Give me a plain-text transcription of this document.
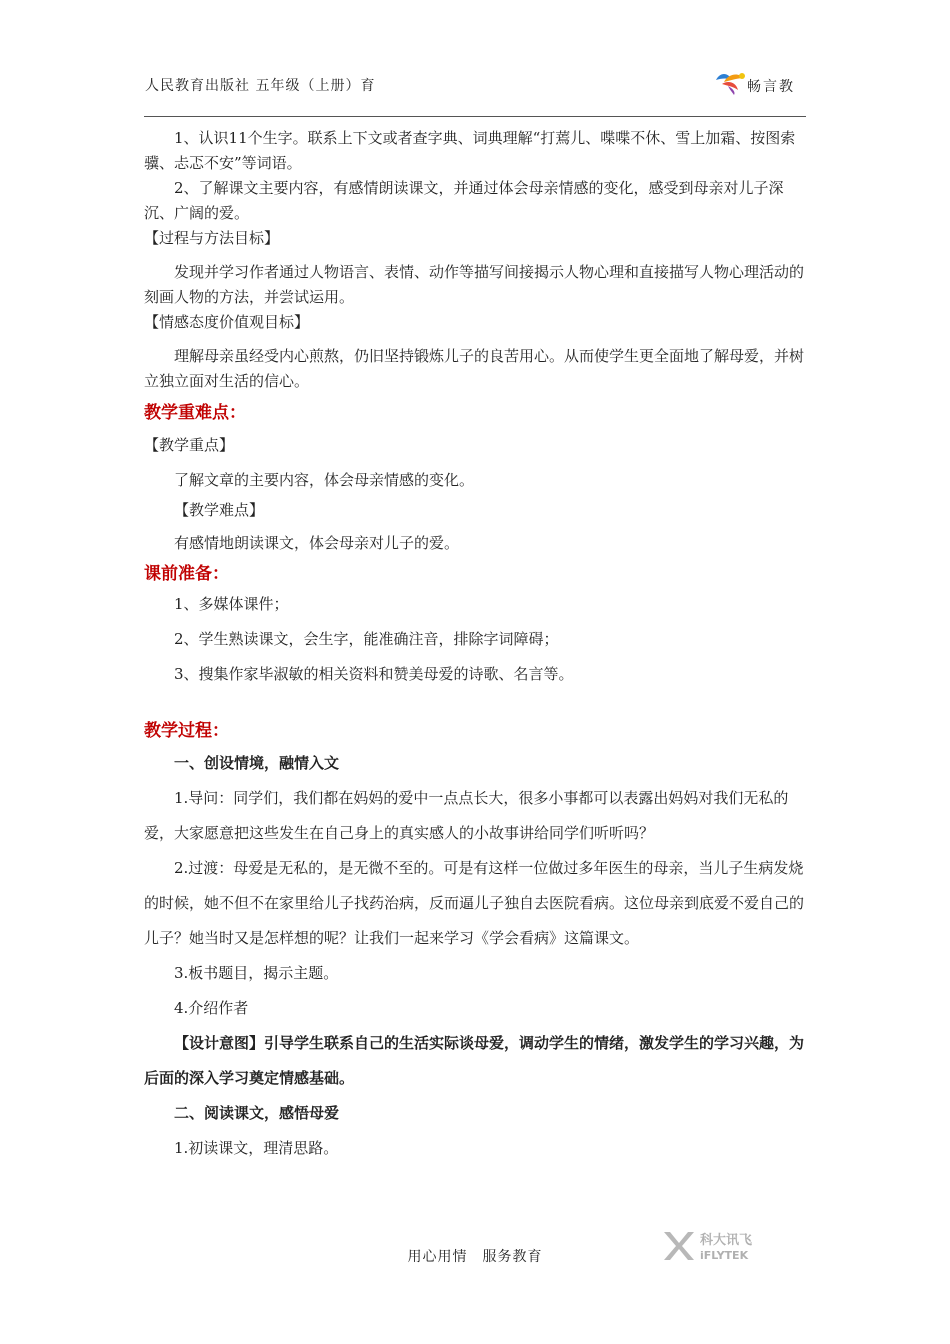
人民教育出版社 五年级（上册）育	畅言教

1、认识11个生字。联系上下文或者查字典、词典理解“打蔫儿、喋喋不休、雪上加霜、按图索骥、忐忑不安”等词语。

2、了解课文主要内容，有感情朗读课文，并通过体会母亲情感的变化，感受到母亲对儿子深沉、广阔的爱。

【过程与方法目标】

发现并学习作者通过人物语言、表情、动作等描写间接揭示人物心理和直接描写人物心理活动的刻画人物的方法，并尝试运用。

【情感态度价值观目标】

理解母亲虽经受内心煎熬，仍旧坚持锻炼儿子的良苦用心。从而使学生更全面地了解母爱，并树立独立面对生活的信心。

教学重难点：

【教学重点】

了解文章的主要内容，体会母亲情感的变化。

【教学难点】

有感情地朗读课文，体会母亲对儿子的爱。

课前准备：

1、多媒体课件；

2、学生熟读课文，会生字，能准确注音，排除字词障碍；

3、搜集作家毕淑敏的相关资料和赞美母爱的诗歌、名言等。

教学过程：

一、创设情境，融情入文

1.导问：同学们，我们都在妈妈的爱中一点点长大，很多小事都可以表露出妈妈对我们无私的爱，大家愿意把这些发生在自己身上的真实感人的小故事讲给同学们听听吗？

2.过渡：母爱是无私的，是无微不至的。可是有这样一位做过多年医生的母亲，当儿子生病发烧的时候，她不但不在家里给儿子找药治病，反而逼儿子独自去医院看病。这位母亲到底爱不爱自己的儿子？她当时又是怎样想的呢？让我们一起来学习《学会看病》这篇课文。

3.板书题目，揭示主题。

4.介绍作者

【设计意图】引导学生联系自己的生活实际谈母爱，调动学生的情绪，激发学生的学习兴趣，为后面的深入学习奠定情感基础。

二、阅读课文，感悟母爱

1.初读课文，理清思路。

用心用情　服务教育
科大讯飞
iFLYTEK
